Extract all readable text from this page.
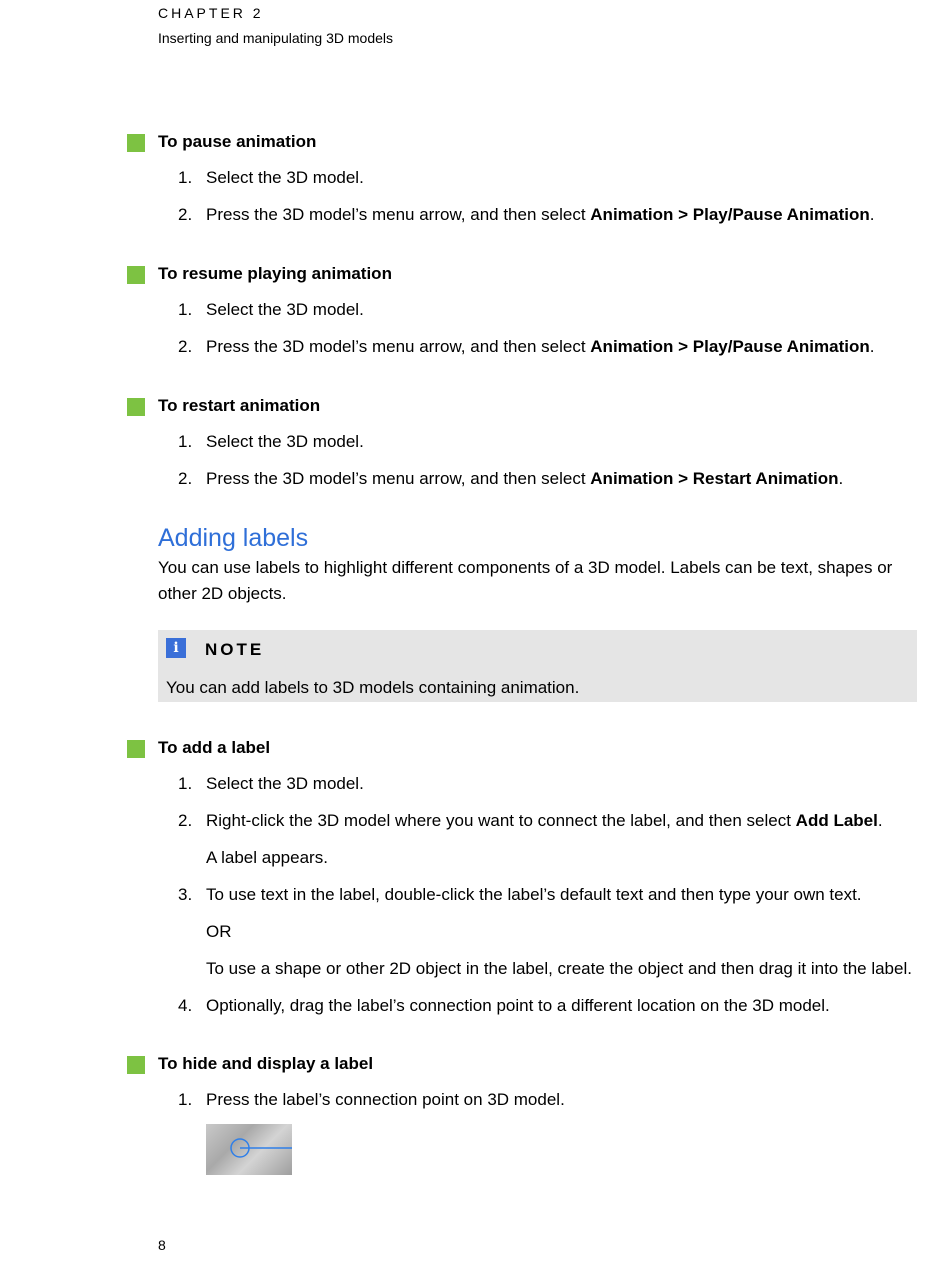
CHAPTER 2
Inserting and manipulating 3D models
To pause animation
1. Select the 3D model.
2. Press the 3D model’s menu arrow, and then select Animation > Play/Pause Animation.
To resume playing animation
1. Select the 3D model.
2. Press the 3D model’s menu arrow, and then select Animation > Play/Pause Animation.
To restart animation
1. Select the 3D model.
2. Press the 3D model’s menu arrow, and then select Animation > Restart Animation.
Adding labels
You can use labels to highlight different components of a 3D model. Labels can be text, shapes or other 2D objects.
i	NOTE
You can add labels to 3D models containing animation.
To add a label
1. Select the 3D model.
2. Right-click the 3D model where you want to connect the label, and then select Add Label.
A label appears.
3. To use text in the label, double-click the label’s default text and then type your own text.
OR
To use a shape or other 2D object in the label, create the object and then drag it into the label.
4. Optionally, drag the label’s connection point to a different location on the 3D model.
To hide and display a label
1. Press the label’s connection point on 3D model.
8
